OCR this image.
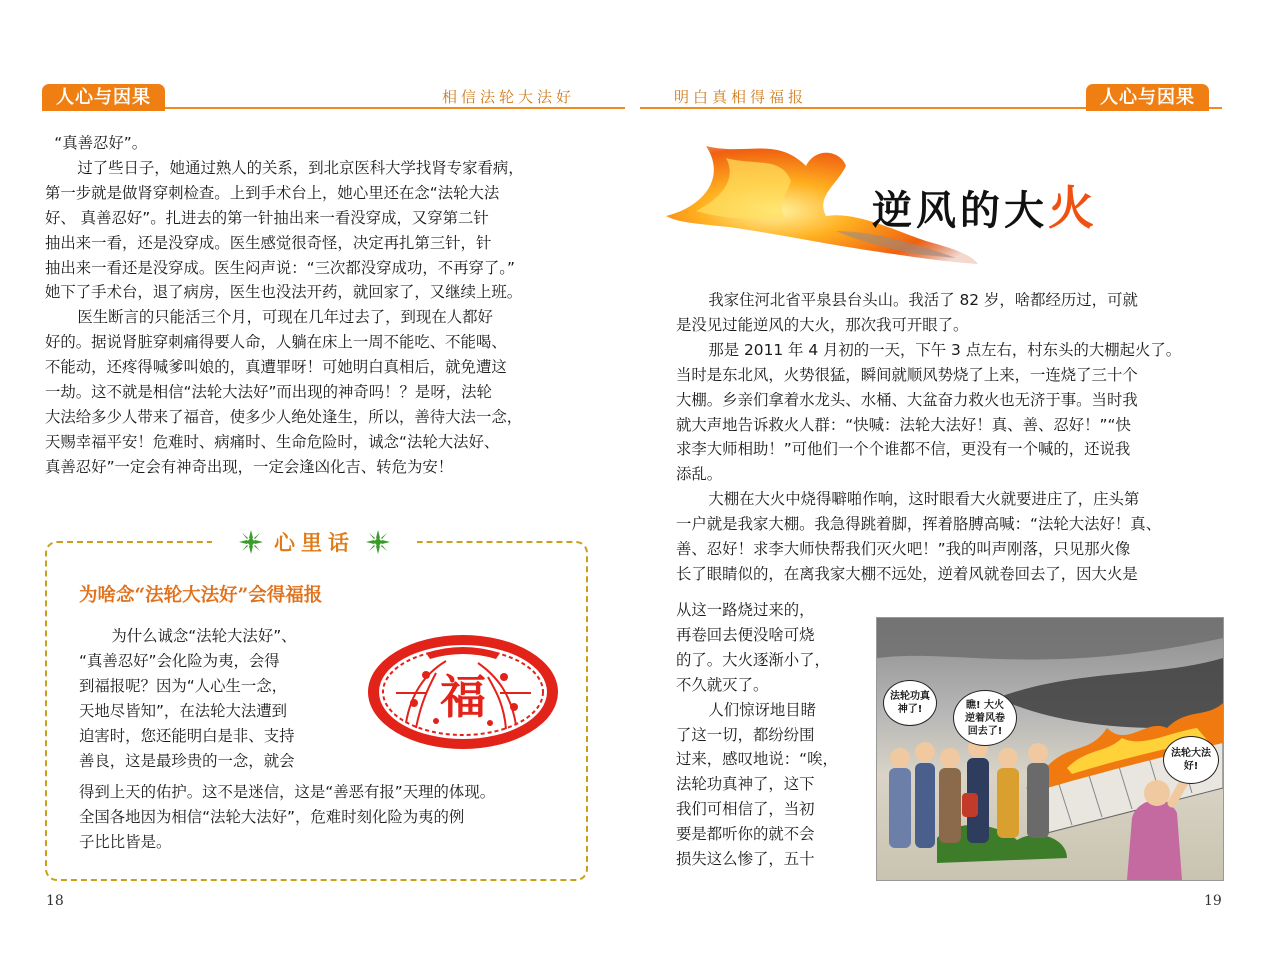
人心与因果	人心与因果
相信法轮大法好	明白真相得福报

“真善忍好”。

过了些日子，她通过熟人的关系，到北京医科大学找肾专家看病，

第一步就是做肾穿刺检查。上到手术台上，她心里还在念“法轮大法

好、 真善忍好”。扎进去的第一针抽出来一看没穿成，又穿第二针

抽出来一看，还是没穿成。医生感觉很奇怪，决定再扎第三针，针

抽出来一看还是没穿成。医生闷声说：“三次都没穿成功，不再穿了。”

她下了手术台，退了病房，医生也没法开药，就回家了，又继续上班。

医生断言的只能活三个月，可现在几年过去了，到现在人都好

好的。据说肾脏穿刺痛得要人命，人躺在床上一周不能吃、不能喝、

不能动，还疼得喊爹叫娘的，真遭罪呀！可她明白真相后，就免遭这

一劫。这不就是相信“法轮大法好”而出现的神奇吗！？是呀，法轮

大法给多少人带来了福音，使多少人绝处逢生，所以，善待大法一念，

天赐幸福平安！危难时、病痛时、生命危险时，诚念“法轮大法好、

真善忍好”一定会有神奇出现，一定会逢凶化吉、转危为安！

心里话
为啥念“法轮大法好”会得福报

为什么诚念“法轮大法好”、

“真善忍好”会化险为夷，会得

到福报呢？因为“人心生一念，

天地尽皆知”，在法轮大法遭到

迫害时，您还能明白是非、支持

善良，这是最珍贵的一念，就会

得到上天的佑护。这不是迷信，这是“善恶有报”天理的体现。

全国各地因为相信“法轮大法好”，危难时刻化险为夷的例

子比比皆是。

福
18
逆风的大火

我家住河北省平泉县台头山。我活了 82 岁，啥都经历过，可就

是没见过能逆风的大火，那次我可开眼了。

那是 2011 年 4 月初的一天，下午 3 点左右，村东头的大棚起火了。

当时是东北风，火势很猛，瞬间就顺风势烧了上来，一连烧了三十个

大棚。乡亲们拿着水龙头、水桶、大盆奋力救火也无济于事。当时我

就大声地告诉救火人群：“快喊：法轮大法好！真、善、忍好！”“快

求李大师相助！”可他们一个个谁都不信，更没有一个喊的，还说我

添乱。

大棚在大火中烧得噼啪作响，这时眼看大火就要进庄了，庄头第

一户就是我家大棚。我急得跳着脚，挥着胳膊高喊：“法轮大法好！真、

善、忍好！求李大师快帮我们灭火吧！”我的叫声刚落，只见那火像

长了眼睛似的，在离我家大棚不远处，逆着风就卷回去了，因大火是

从这一路烧过来的，

再卷回去便没啥可烧

的了。大火逐渐小了，

不久就灭了。

人们惊讶地目睹

了这一切，都纷纷围

过来，感叹地说：“唉，

法轮功真神了，这下

我们可相信了，当初

要是都听你的就不会

损失这么惨了，五十

法轮功真神了!	瞧! 大火逆着风卷回去了!
法轮大法好!
19
